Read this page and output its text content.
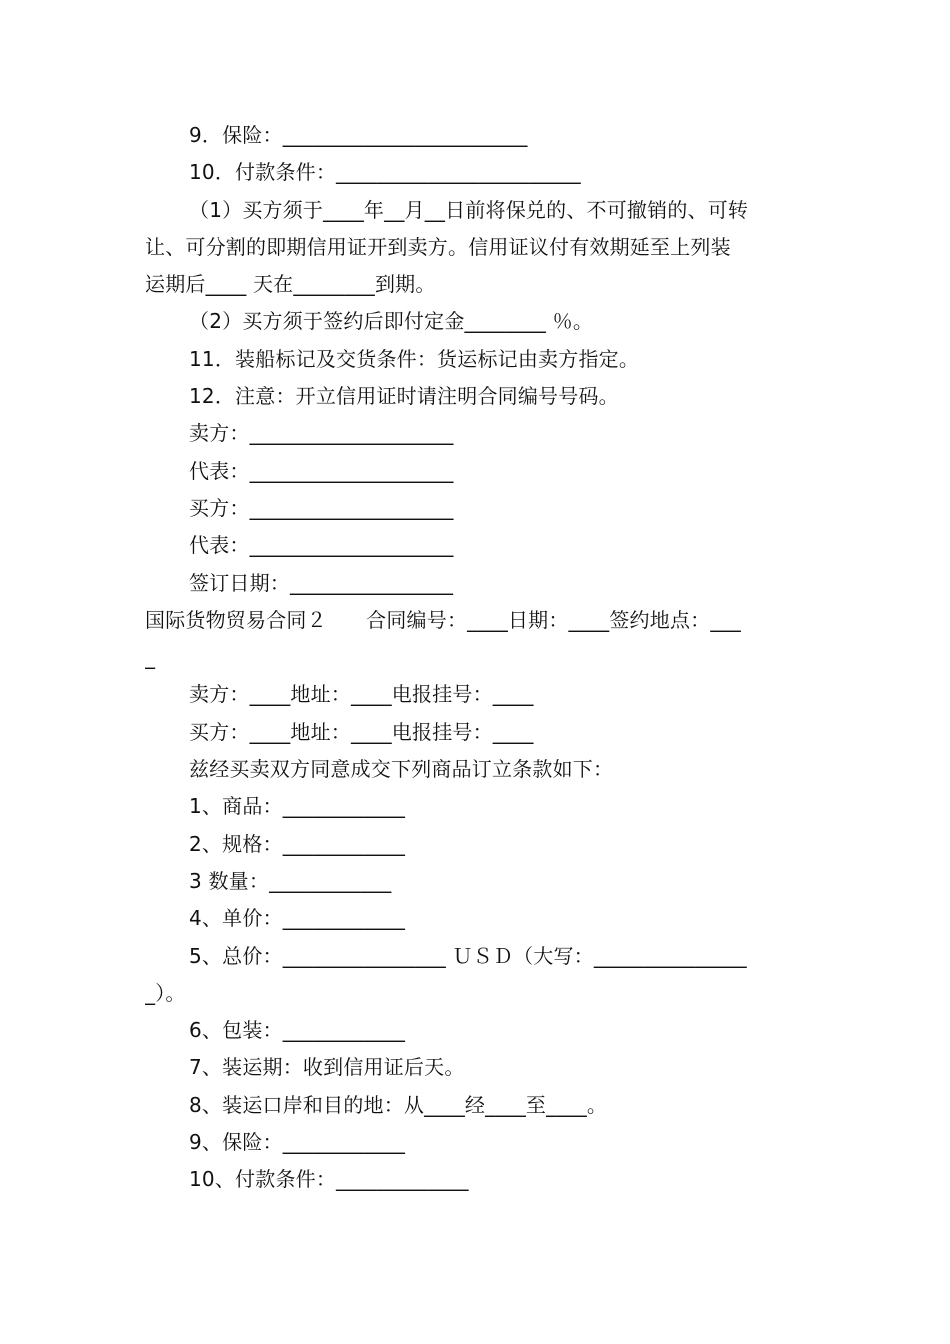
9．保险：________________________
10．付款条件：________________________
（1）买方须于____年__月__日前将保兑的、不可撤销的、可转
让、可分割的即期信用证开到卖方。信用证议付有效期延至上列装
运期后____ 天在________到期。
（2）买方须于签约后即付定金________ ％。
11．装船标记及交货条件：货运标记由卖方指定。
12．注意：开立信用证时请注明合同编号号码。
卖方：____________________
代表：____________________
买方：____________________
代表：____________________
签订日期：________________
国际货物贸易合同２      合同编号：____日期：____签约地点：___
_
卖方：____地址：____电报挂号：____
买方：____地址：____电报挂号：____
兹经买卖双方同意成交下列商品订立条款如下：
1、商品：____________
2、规格：____________
3 数量：____________
4、单价：____________
5、总价：________________ ＵＳＤ（大写：_______________
_）。
6、包装：____________
7、装运期：收到信用证后天。
8、装运口岸和目的地：从____经____至____。
9、保险：____________
10、付款条件：_____________
